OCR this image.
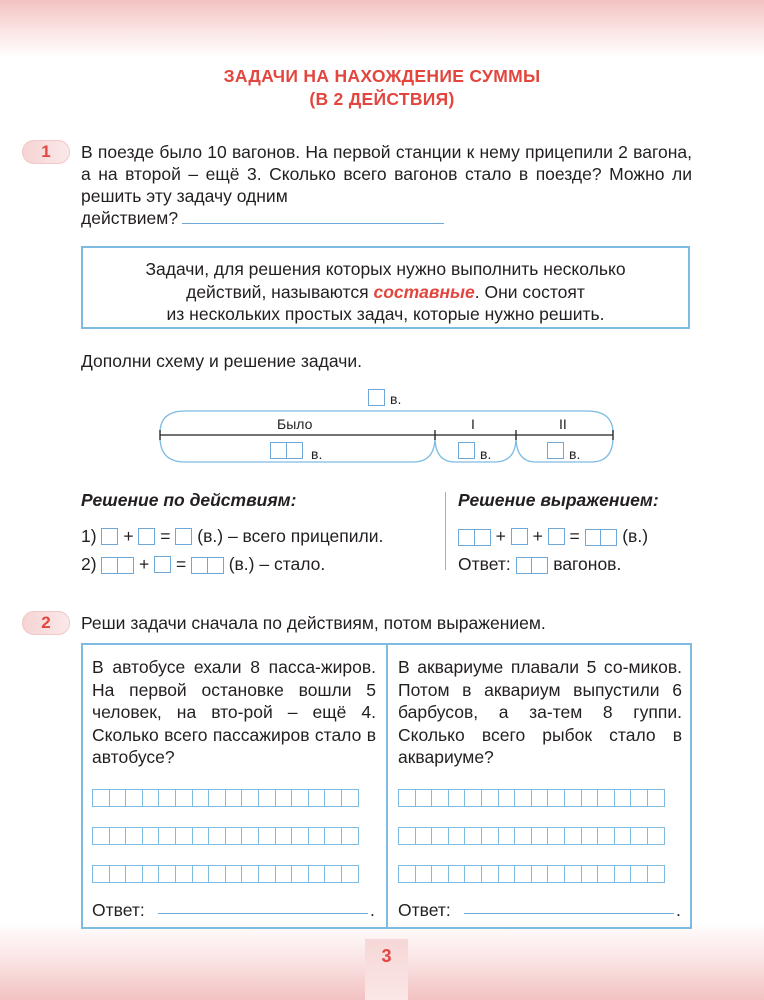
ЗАДАЧИ НА НАХОЖДЕНИЕ СУММЫ
(В 2 ДЕЙСТВИЯ)
1	В поезде было 10 вагонов. На первой станции к нему прицепили 2 вагона, а на второй – ещё 3. Сколько всего вагонов стало в поезде? Можно ли решить эту задачу одним
действием?
Задачи, для решения которых нужно выполнить несколько
действий, называются составные. Они состоят
из нескольких простых задач, которые нужно решить.
Дополни схему и решение задачи.
в.
Было	I	II
в.	в.	в.
Решение по действиям:	Решение выражением:
1) + = (в.) – всего прицепили.
2) + = (в.) – стало.
+ + = (в.)
Ответ: вагонов.
2	Реши задачи сначала по действиям, потом выражением.
В автобусе ехали 8 пасса-жиров. На первой остановке вошли 5 человек, на вто-рой – ещё 4. Сколько всего пассажиров стало в автобусе?
В аквариуме плавали 5 со-миков. Потом в аквариум выпустили 6 барбусов, а за-тем 8 гуппи. Сколько всего рыбок стало в аквариуме?
Ответ:	. Ответ:	.
3
